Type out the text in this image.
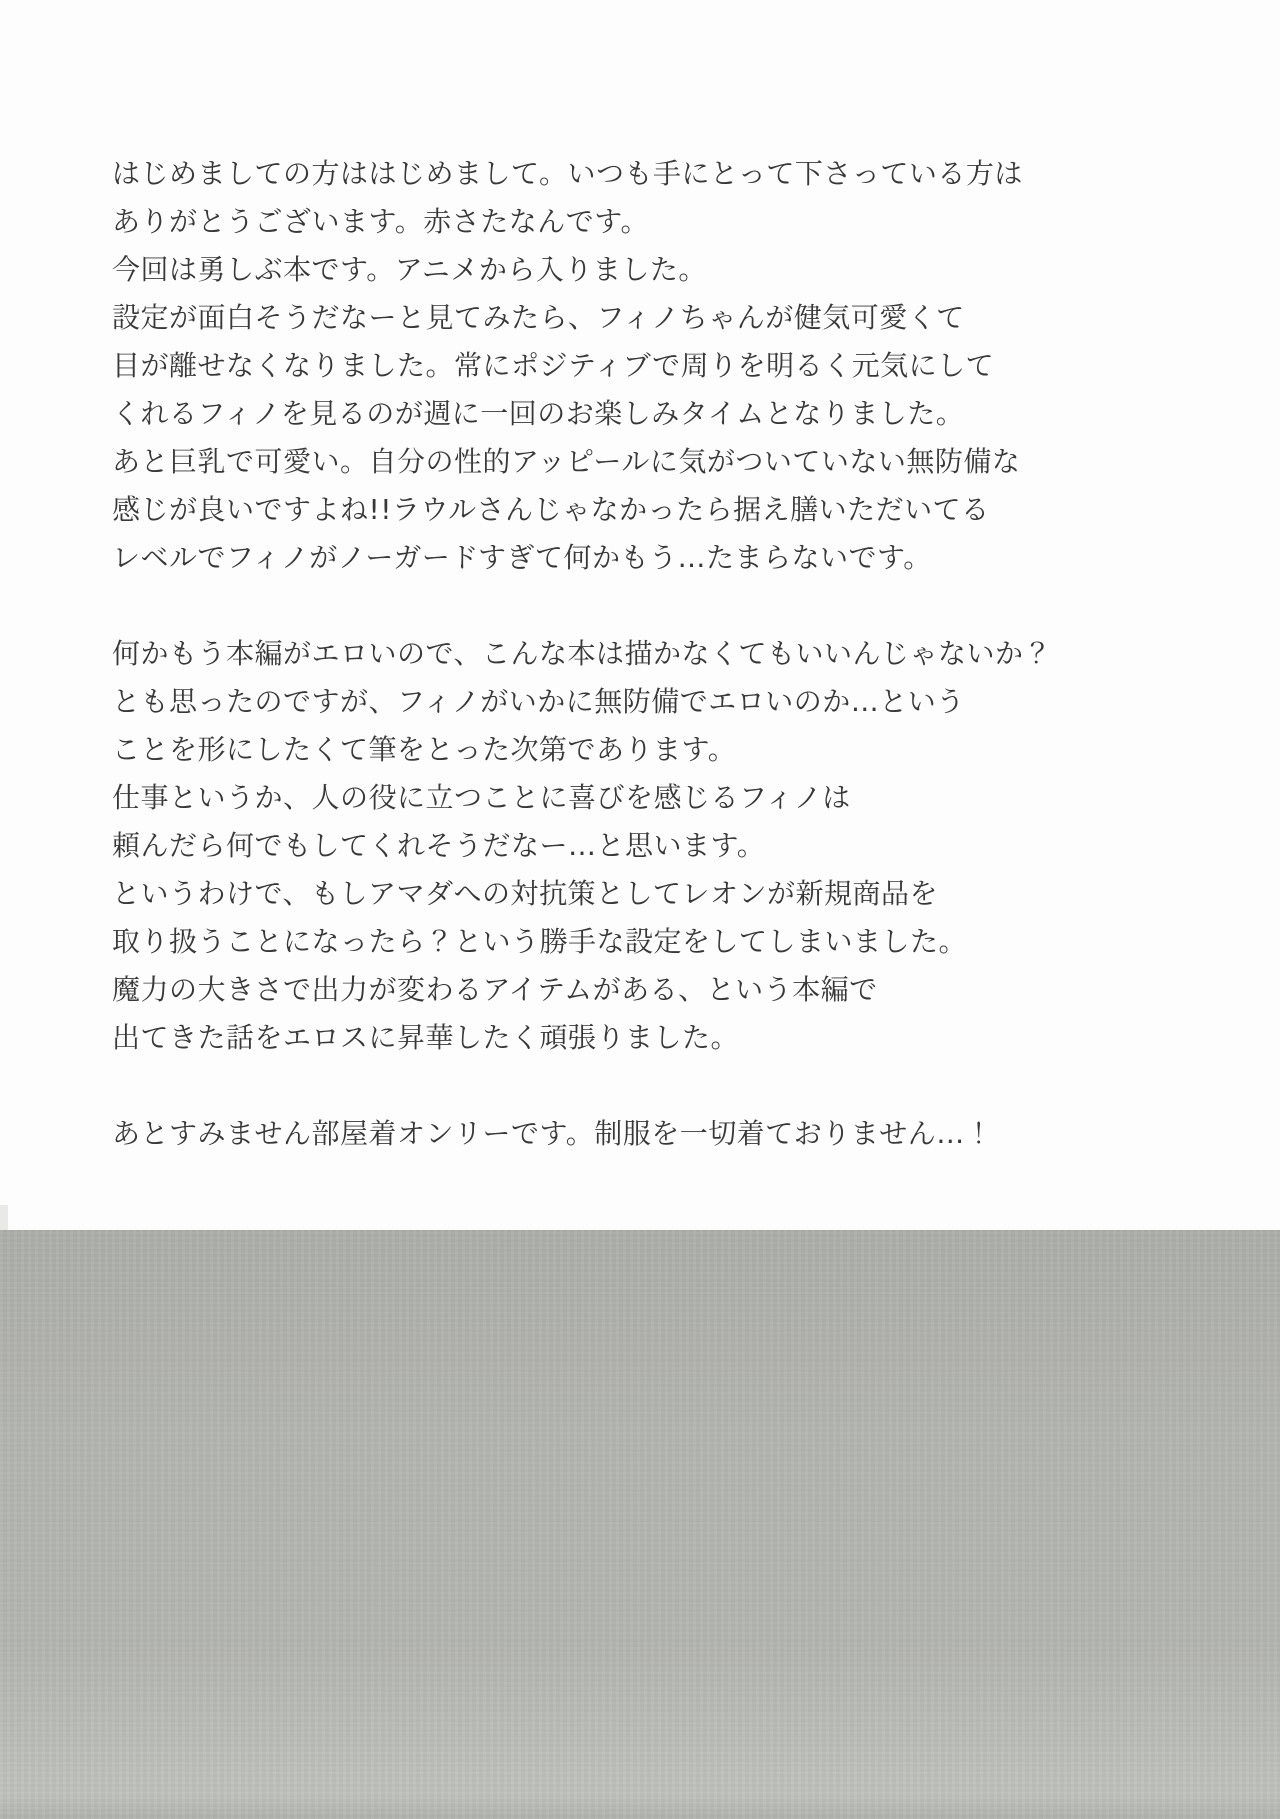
はじめましての方ははじめまして。いつも手にとって下さっている方は
ありがとうございます。赤さたなんです。
今回は勇しぶ本です。アニメから入りました。
設定が面白そうだなーと見てみたら、フィノちゃんが健気可愛くて
目が離せなくなりました。常にポジティブで周りを明るく元気にして
くれるフィノを見るのが週に一回のお楽しみタイムとなりました。
あと巨乳で可愛い。自分の性的アッピールに気がついていない無防備な
感じが良いですよね!!ラウルさんじゃなかったら据え膳いただいてる
レベルでフィノがノーガードすぎて何かもう…たまらないです。
何かもう本編がエロいので、こんな本は描かなくてもいいんじゃないか？
とも思ったのですが、フィノがいかに無防備でエロいのか…という
ことを形にしたくて筆をとった次第であります。
仕事というか、人の役に立つことに喜びを感じるフィノは
頼んだら何でもしてくれそうだなー…と思います。
というわけで、もしアマダへの対抗策としてレオンが新規商品を
取り扱うことになったら？という勝手な設定をしてしまいました。
魔力の大きさで出力が変わるアイテムがある、という本編で
出てきた話をエロスに昇華したく頑張りました。
あとすみません部屋着オンリーです。制服を一切着ておりません…！
